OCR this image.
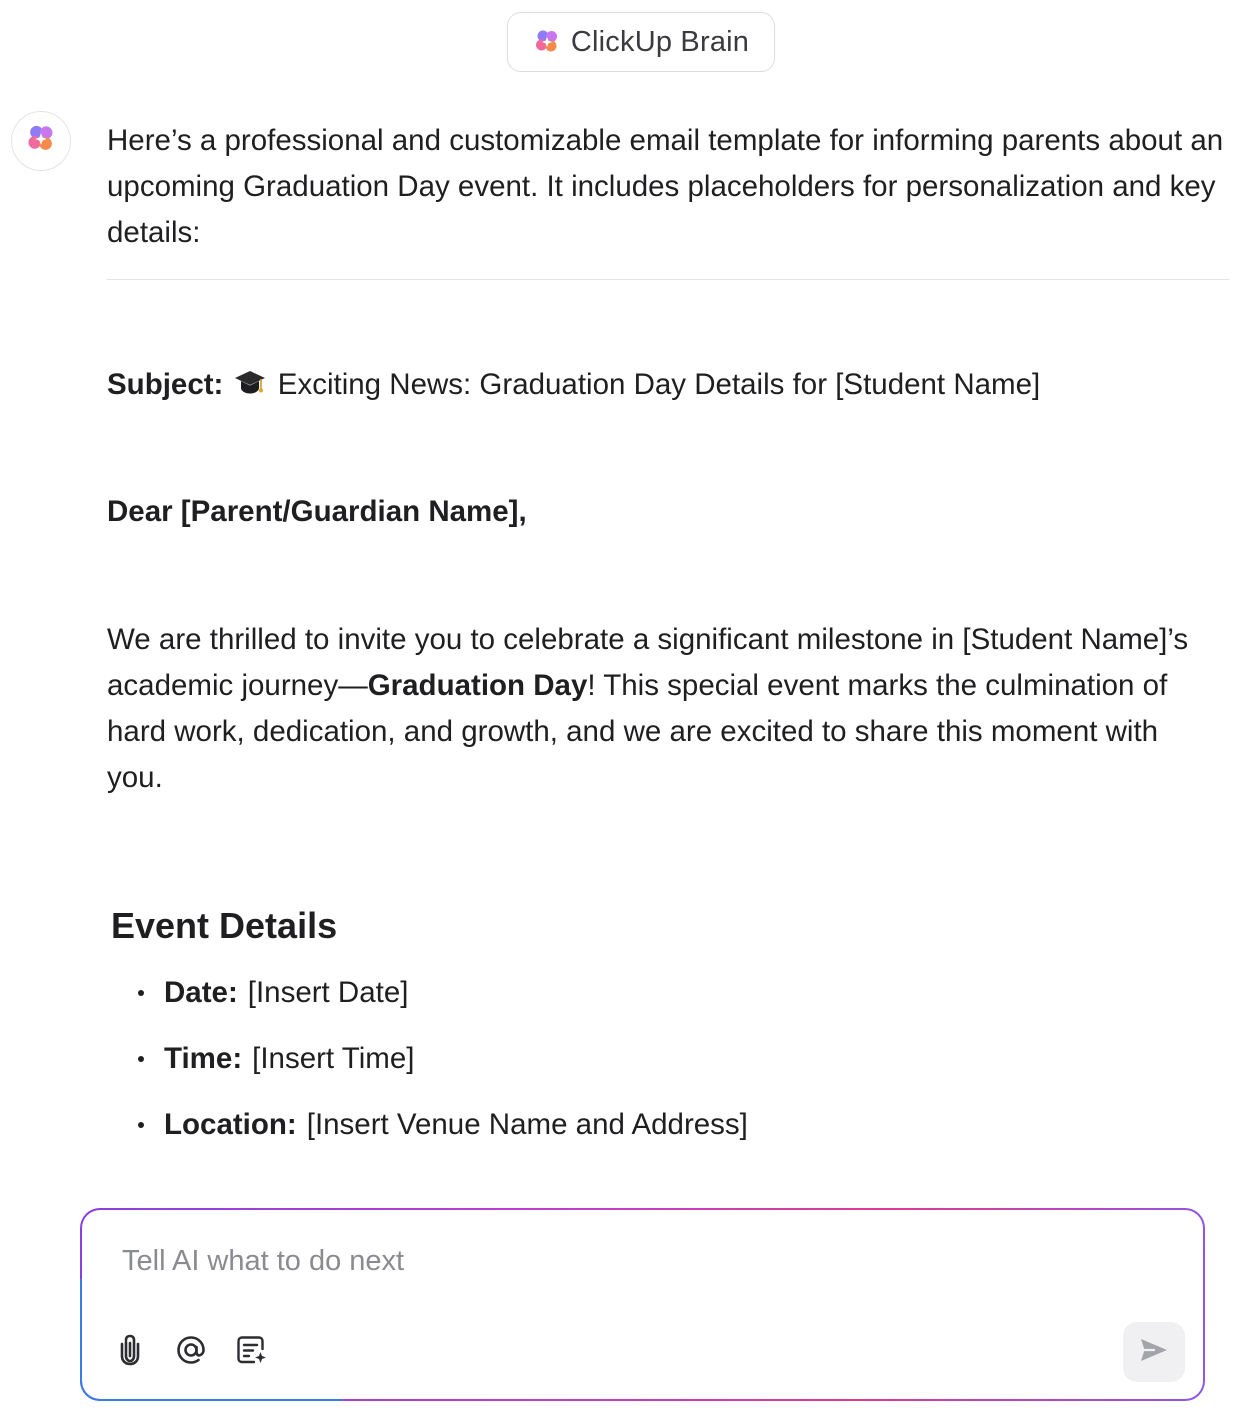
ClickUp Brain

Here’s a professional and customizable email template for informing parents about an upcoming Graduation Day event. It includes placeholders for personalization and key details:

Subject: Exciting News: Graduation Day Details for [Student Name]
Dear [Parent/Guardian Name],

We are thrilled to invite you to celebrate a significant milestone in [Student Name]’s academic journey—Graduation Day! This special event marks the culmination of hard work, dedication, and growth, and we are excited to share this moment with you.

Event Details
Date: [Insert Date]
Time: [Insert Time]
Location: [Insert Venue Name and Address]
Tell AI what to do next
